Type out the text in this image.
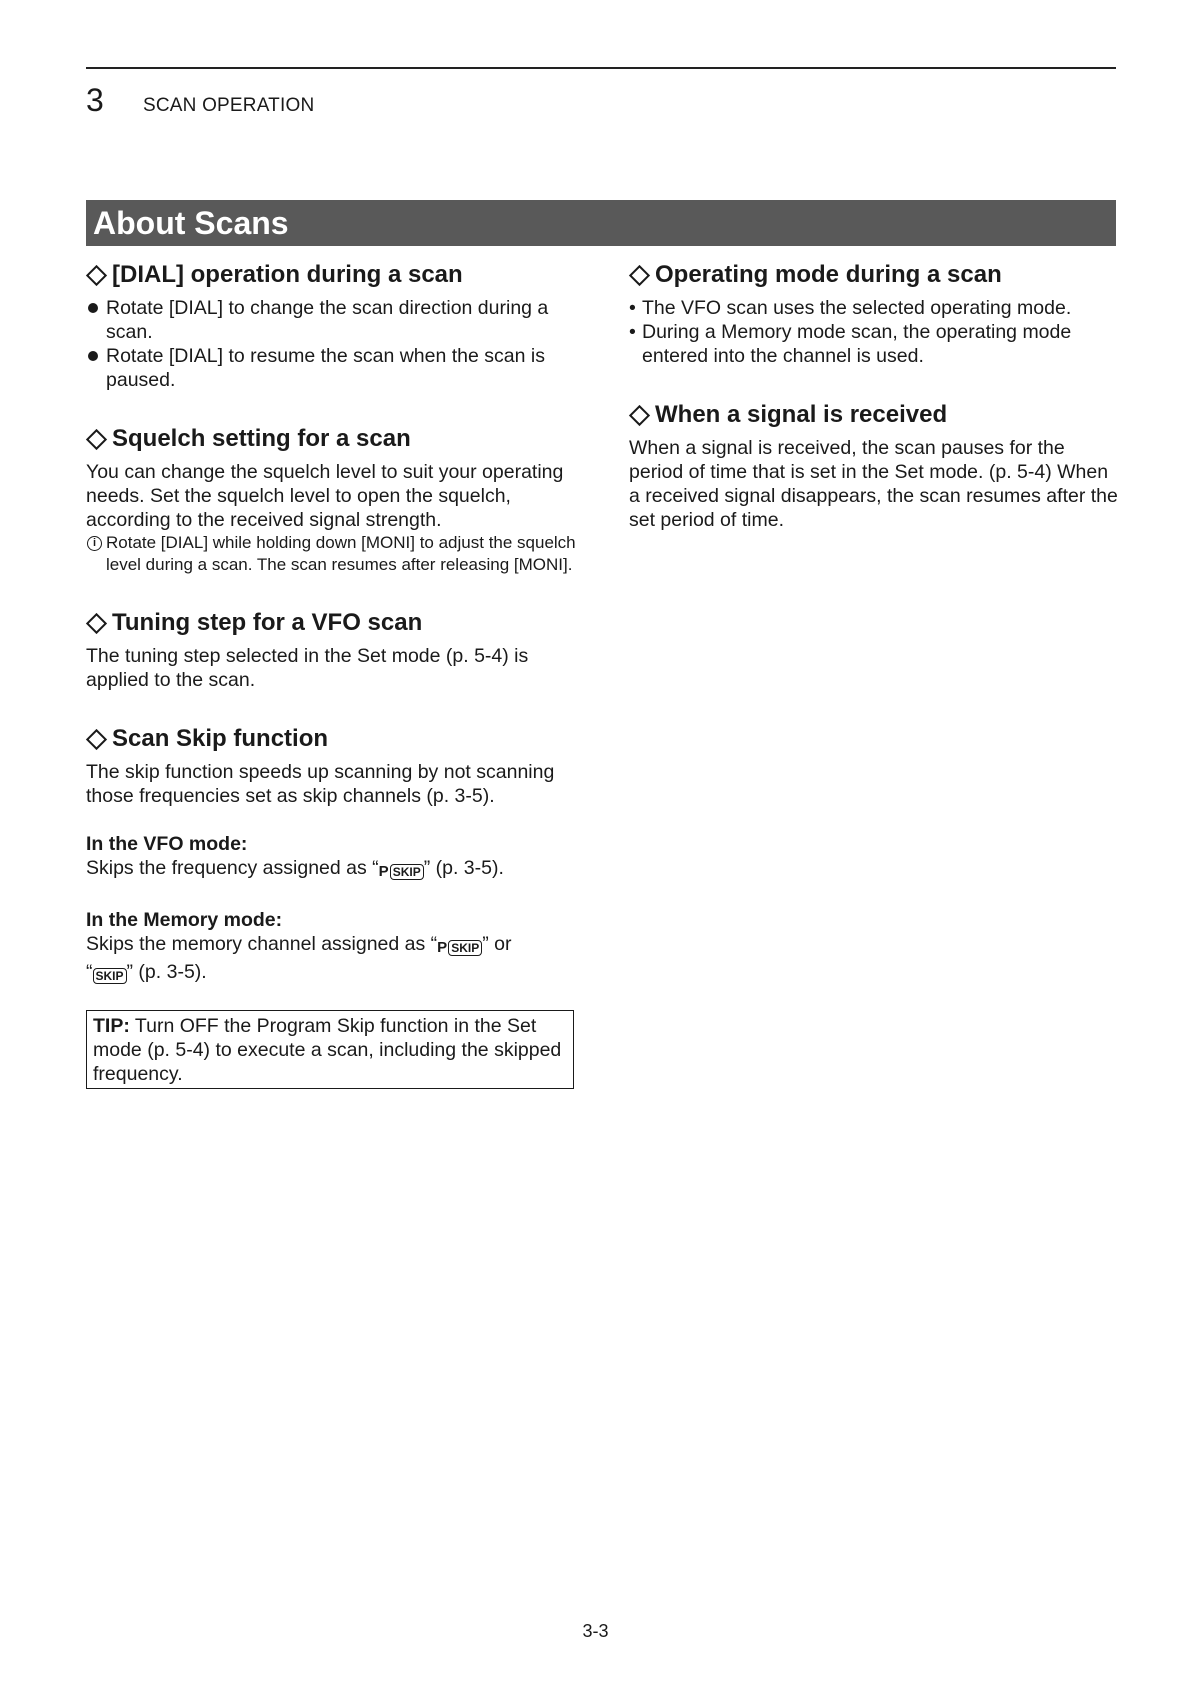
3 SCAN OPERATION
About Scans
[DIAL] operation during a scan
Rotate [DIAL] to change the scan direction during a scan.
Rotate [DIAL] to resume the scan when the scan is paused.
Squelch setting for a scan

You can change the squelch level to suit your operating needs. Set the squelch level to open the squelch, according to the received signal strength.

i Rotate [DIAL] while holding down [MONI] to adjust the squelch level during a scan. The scan resumes after releasing [MONI].
Tuning step for a VFO scan

The tuning step selected in the Set mode (p. 5-4) is applied to the scan.

Scan Skip function

The skip function speeds up scanning by not scanning those frequencies set as skip channels (p. 3-5).

In the VFO mode:

Skips the frequency assigned as “ P SKIP ” (p. 3-5).

In the Memory mode:

Skips the memory channel assigned as “ P SKIP ” or
“ SKIP ” (p. 3-5).

TIP: Turn OFF the Program Skip function in the Set mode (p. 5-4) to execute a scan, including the skipped frequency.
Operating mode during a scan
• The VFO scan uses the selected operating mode.
• During a Memory mode scan, the operating mode entered into the channel is used.
When a signal is received

When a signal is received, the scan pauses for the period of time that is set in the Set mode. (p. 5-4) When a received signal disappears, the scan resumes after the set period of time.

3-3
